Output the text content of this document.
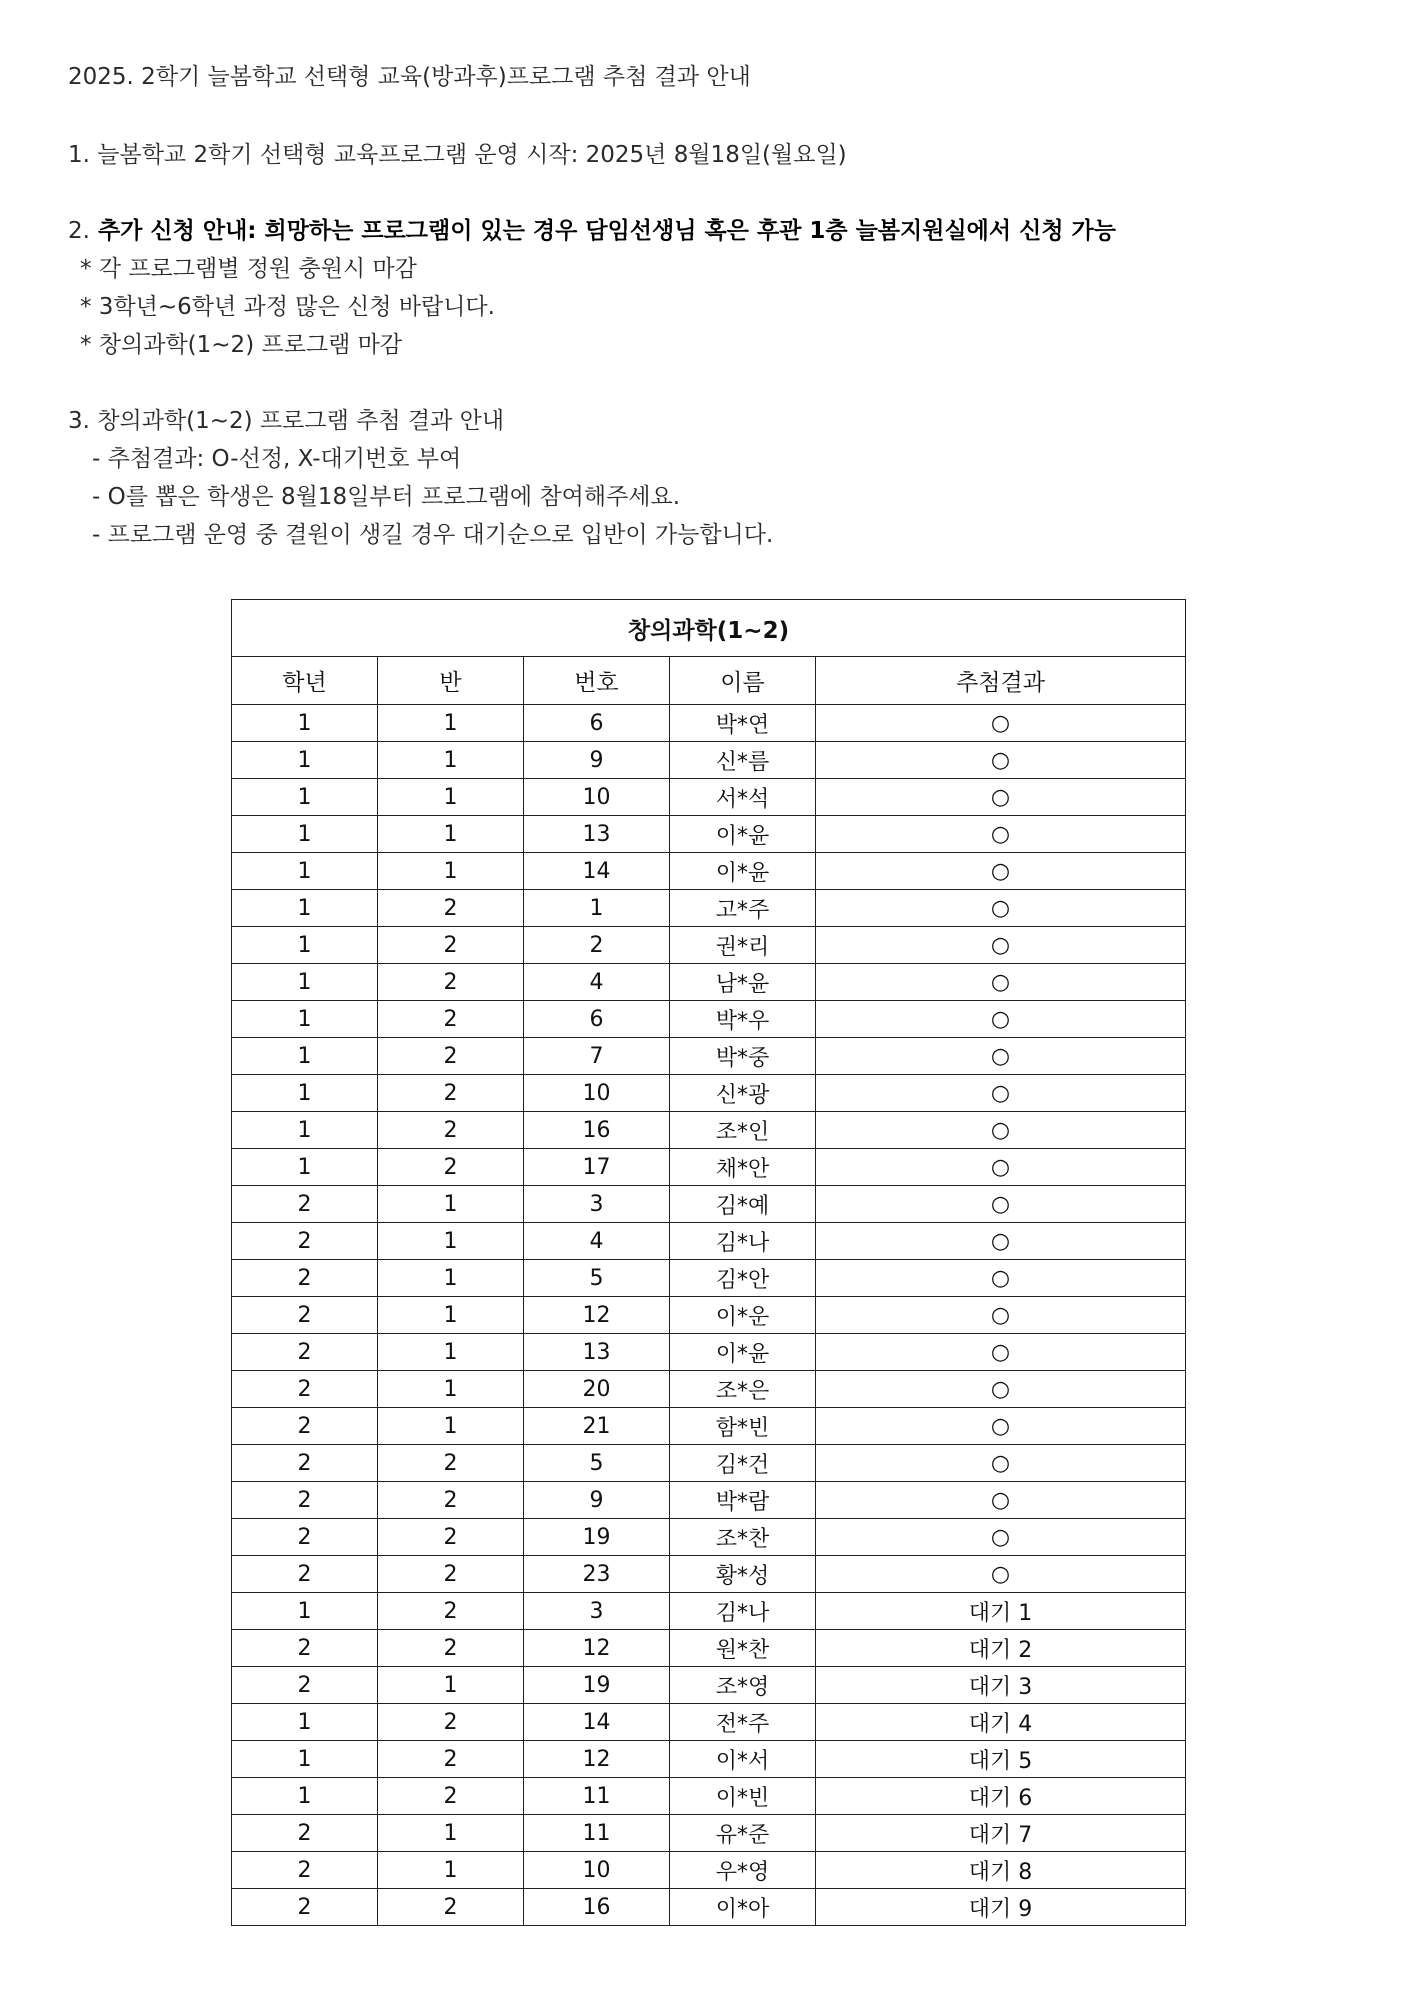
2025. 2학기 늘봄학교 선택형 교육(방과후)프로그램 추첨 결과 안내
1. 늘봄학교 2학기 선택형 교육프로그램 운영 시작: 2025년 8월18일(월요일)
2. 추가 신청 안내: 희망하는 프로그램이 있는 경우 담임선생님 혹은 후관 1층 늘봄지원실에서 신청 가능
* 각 프로그램별 정원 충원시 마감
* 3학년~6학년 과정 많은 신청 바랍니다.
* 창의과학(1~2) 프로그램 마감
3. 창의과학(1~2) 프로그램 추첨 결과 안내
- 추첨결과: O-선정, X-대기번호 부여
- O를 뽑은 학생은 8월18일부터 프로그램에 참여해주세요.
- 프로그램 운영 중 결원이 생길 경우 대기순으로 입반이 가능합니다.
창의과학(1~2)				
학년	반	번호	이름	추첨결과
1	1	6	박*연	○
1	1	9	신*름	○
1	1	10	서*석	○
1	1	13	이*윤	○
1	1	14	이*윤	○
1	2	1	고*주	○
1	2	2	권*리	○
1	2	4	남*윤	○
1	2	6	박*우	○
1	2	7	박*중	○
1	2	10	신*광	○
1	2	16	조*인	○
1	2	17	채*안	○
2	1	3	김*예	○
2	1	4	김*나	○
2	1	5	김*안	○
2	1	12	이*운	○
2	1	13	이*윤	○
2	1	20	조*은	○
2	1	21	함*빈	○
2	2	5	김*건	○
2	2	9	박*람	○
2	2	19	조*찬	○
2	2	23	황*성	○
1	2	3	김*나	대기 1
2	2	12	원*찬	대기 2
2	1	19	조*영	대기 3
1	2	14	전*주	대기 4
1	2	12	이*서	대기 5
1	2	11	이*빈	대기 6
2	1	11	유*준	대기 7
2	1	10	우*영	대기 8
2	2	16	이*아	대기 9
